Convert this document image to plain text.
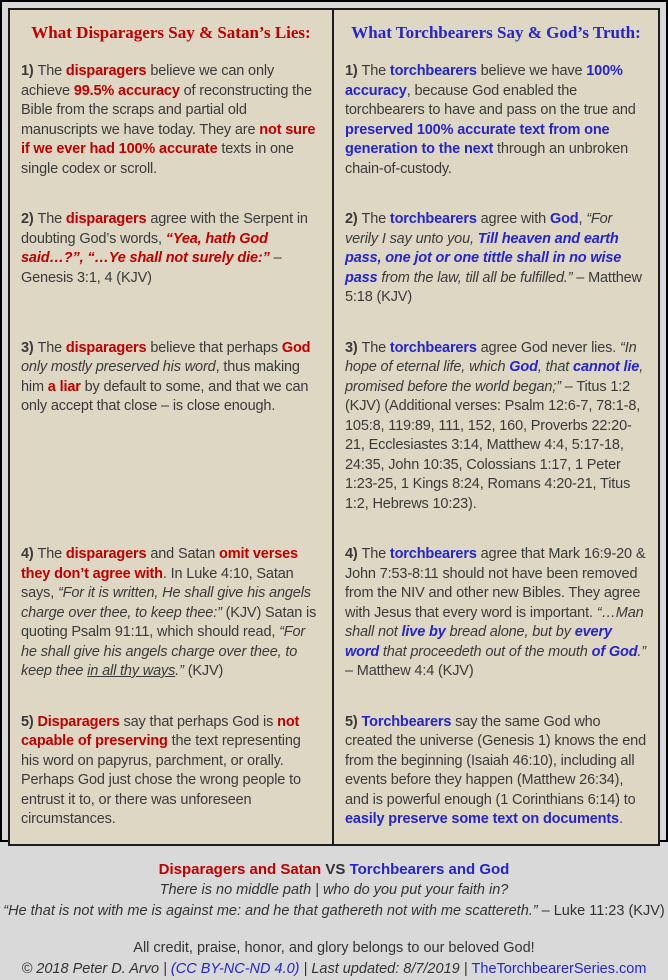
What Disparagers Say & Satan’s Lies:	What Torchbearers Say & God’s Truth:

1) The disparagers believe we can only achieve 99.5% accuracy of reconstructing the Bible from the scraps and partial old manuscripts we have today. They are not sure if we ever had 100% accurate texts in one single codex or scroll.

1) The torchbearers believe we have 100% accuracy, because God enabled the torchbearers to have and pass on the true and preserved 100% accurate text from one generation to the next through an unbroken chain-of-custody.

2) The disparagers agree with the Serpent in doubting God’s words, “Yea, hath God said…?”, “…Ye shall not surely die:” – Genesis 3:1, 4 (KJV)

2) The torchbearers agree with God, “For verily I say unto you, Till heaven and earth pass, one jot or one tittle shall in no wise pass from the law, till all be fulfilled.” – Matthew 5:18 (KJV)

3) The disparagers believe that perhaps God only mostly preserved his word, thus making him a liar by default to some, and that we can only accept that close – is close enough.

3) The torchbearers agree God never lies. “In hope of eternal life, which God, that cannot lie, promised before the world began;” – Titus 1:2 (KJV) (Additional verses: Psalm 12:6-7, 78:1-8, 105:8, 119:89, 111, 152, 160, Proverbs 22:20-21, Ecclesiastes 3:14, Matthew 4:4, 5:17-18, 24:35, John 10:35, Colossians 1:17, 1 Peter 1:23-25, 1 Kings 8:24, Romans 4:20-21, Titus 1:2, Hebrews 10:23).

4) The disparagers and Satan omit verses they don’t agree with. In Luke 4:10, Satan says, “For it is written, He shall give his angels charge over thee, to keep thee:” (KJV) Satan is quoting Psalm 91:11, which should read, “For he shall give his angels charge over thee, to keep thee in all thy ways.” (KJV)

4) The torchbearers agree that Mark 16:9-20 & John 7:53-8:11 should not have been removed from the NIV and other new Bibles. They agree with Jesus that every word is important. “…Man shall not live by bread alone, but by every word that proceedeth out of the mouth of God.” – Matthew 4:4 (KJV)

5) Disparagers say that perhaps God is not capable of preserving the text representing his word on papyrus, parchment, or orally. Perhaps God just chose the wrong people to entrust it to, or there was unforeseen circumstances.

5) Torchbearers say the same God who created the universe (Genesis 1) knows the end from the beginning (Isaiah 46:10), including all events before they happen (Matthew 26:34), and is powerful enough (1 Corinthians 6:14) to easily preserve some text on documents.

Disparagers and Satan VS Torchbearers and God
There is no middle path | who do you put your faith in?
“He that is not with me is against me: and he that gathereth not with me scattereth.” – Luke 11:23 (KJV)
All credit, praise, honor, and glory belongs to our beloved God!
© 2018 Peter D. Arvo | (CC BY-NC-ND 4.0) | Last updated: 8/7/2019 | TheTorchbearerSeries.com
